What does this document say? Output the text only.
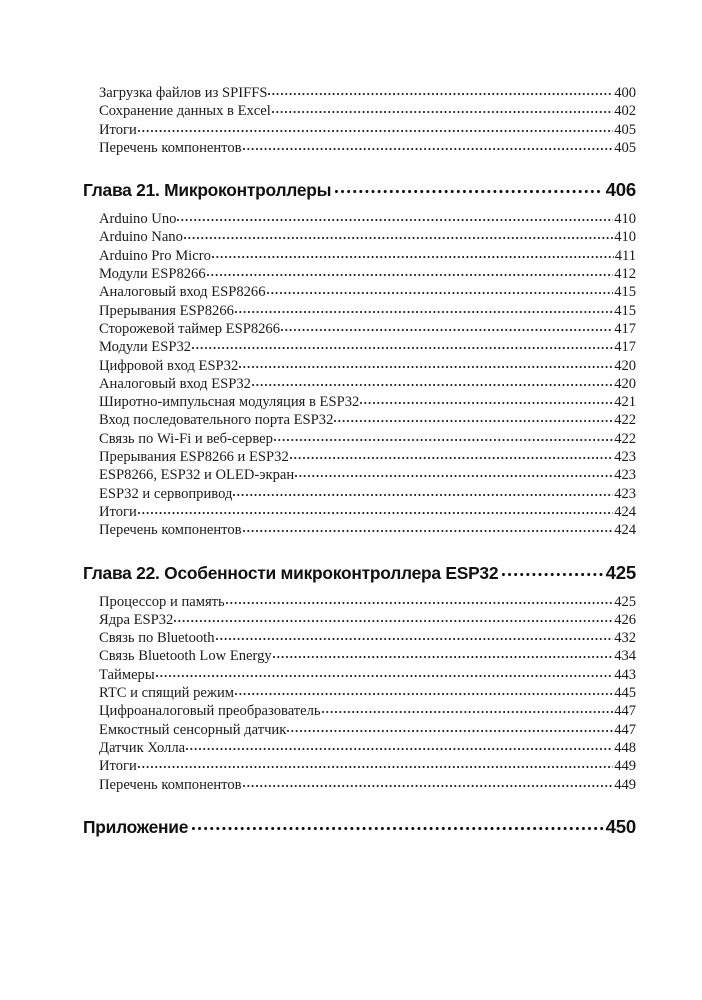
Загрузка файлов из SPIFFS	400
Сохранение данных в Excel	402
Итоги	405
Перечень компонентов	405
Глава 21. Микроконтроллеры	406
Arduino Uno	410
Arduino Nano	410
Arduino Pro Micro	411
Модули ESP8266	412
Аналоговый вход ESP8266	415
Прерывания ESP8266	415
Сторожевой таймер ESP8266	417
Модули ESP32	417
Цифровой вход ESP32	420
Аналоговый вход ESP32	420
Широтно-импульсная модуляция в ESP32	421
Вход последовательного порта ESP32	422
Связь по Wi-Fi и веб-сервер	422
Прерывания ESP8266 и ESP32	423
ESP8266, ESP32 и OLED-экран	423
ESP32 и сервопривод	423
Итоги	424
Перечень компонентов	424
Глава 22. Особенности микроконтроллера ESP32	425
Процессор и память	425
Ядра ESP32	426
Связь по Bluetooth	432
Связь Bluetooth Low Energy	434
Таймеры	443
RTC и спящий режим	445
Цифроаналоговый преобразователь	447
Емкостный сенсорный датчик	447
Датчик Холла	448
Итоги	449
Перечень компонентов	449
Приложение	450
